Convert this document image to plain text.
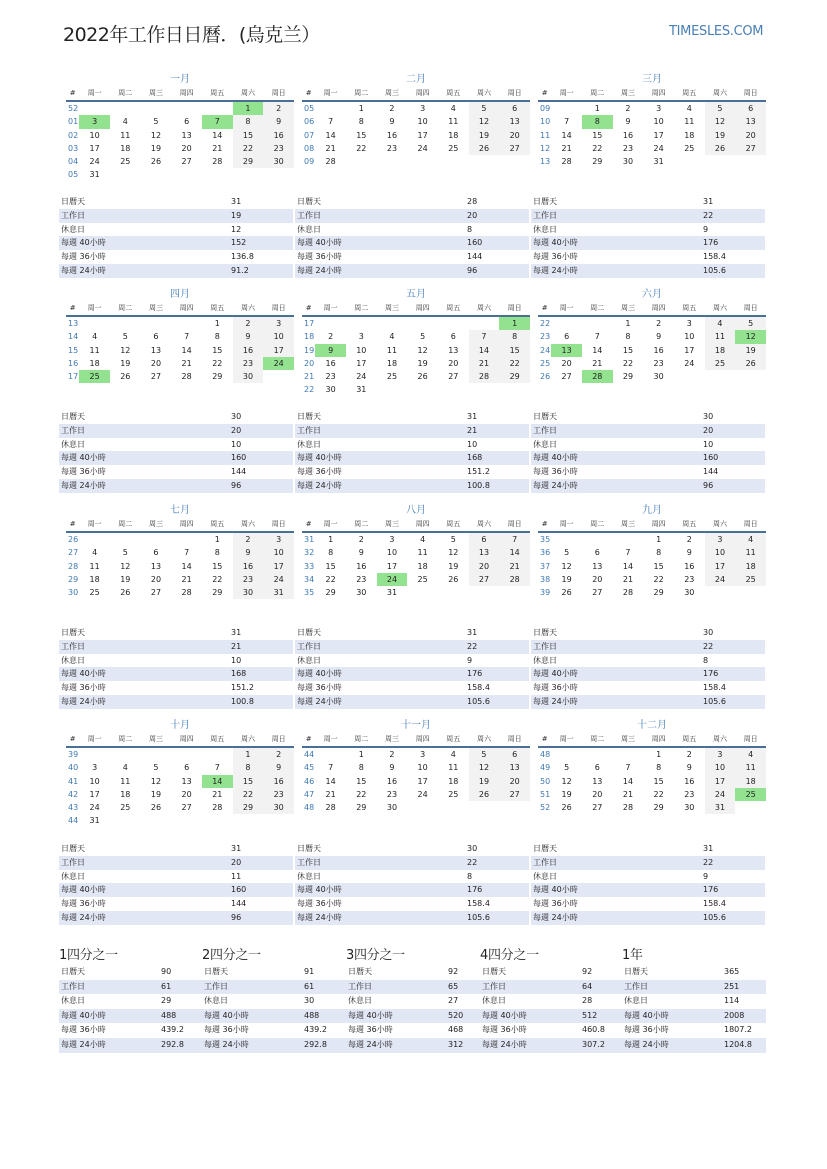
2022年工作日日曆．(烏克兰）	TIMESLES.COM
一月
#	周一	周二	周三	周四	周五	周六	周日
52						1	2
01	3	4	5	6	7	8	9
02	10	11	12	13	14	15	16
03	17	18	19	20	21	22	23
04	24	25	26	27	28	29	30
05	31						
日曆天	31
工作日	19
休息日	12
每週 40小時	152
每週 36小時	136.8
每週 24小時	91.2
二月
#	周一	周二	周三	周四	周五	周六	周日
05		1	2	3	4	5	6
06	7	8	9	10	11	12	13
07	14	15	16	17	18	19	20
08	21	22	23	24	25	26	27
09	28						
日曆天	28
工作日	20
休息日	8
每週 40小時	160
每週 36小時	144
每週 24小時	96
三月
#	周一	周二	周三	周四	周五	周六	周日
09		1	2	3	4	5	6
10	7	8	9	10	11	12	13
11	14	15	16	17	18	19	20
12	21	22	23	24	25	26	27
13	28	29	30	31			
日曆天	31
工作日	22
休息日	9
每週 40小時	176
每週 36小時	158.4
每週 24小時	105.6
四月
#	周一	周二	周三	周四	周五	周六	周日
13					1	2	3
14	4	5	6	7	8	9	10
15	11	12	13	14	15	16	17
16	18	19	20	21	22	23	24
17	25	26	27	28	29	30	
日曆天	30
工作日	20
休息日	10
每週 40小時	160
每週 36小時	144
每週 24小時	96
五月
#	周一	周二	周三	周四	周五	周六	周日
17							1
18	2	3	4	5	6	7	8
19	9	10	11	12	13	14	15
20	16	17	18	19	20	21	22
21	23	24	25	26	27	28	29
22	30	31					
日曆天	31
工作日	21
休息日	10
每週 40小時	168
每週 36小時	151.2
每週 24小時	100.8
六月
#	周一	周二	周三	周四	周五	周六	周日
22			1	2	3	4	5
23	6	7	8	9	10	11	12
24	13	14	15	16	17	18	19
25	20	21	22	23	24	25	26
26	27	28	29	30			
日曆天	30
工作日	20
休息日	10
每週 40小時	160
每週 36小時	144
每週 24小時	96
七月
#	周一	周二	周三	周四	周五	周六	周日
26					1	2	3
27	4	5	6	7	8	9	10
28	11	12	13	14	15	16	17
29	18	19	20	21	22	23	24
30	25	26	27	28	29	30	31
日曆天	31
工作日	21
休息日	10
每週 40小時	168
每週 36小時	151.2
每週 24小時	100.8
八月
#	周一	周二	周三	周四	周五	周六	周日
31	1	2	3	4	5	6	7
32	8	9	10	11	12	13	14
33	15	16	17	18	19	20	21
34	22	23	24	25	26	27	28
35	29	30	31				
日曆天	31
工作日	22
休息日	9
每週 40小時	176
每週 36小時	158.4
每週 24小時	105.6
九月
#	周一	周二	周三	周四	周五	周六	周日
35				1	2	3	4
36	5	6	7	8	9	10	11
37	12	13	14	15	16	17	18
38	19	20	21	22	23	24	25
39	26	27	28	29	30		
日曆天	30
工作日	22
休息日	8
每週 40小時	176
每週 36小時	158.4
每週 24小時	105.6
十月
#	周一	周二	周三	周四	周五	周六	周日
39						1	2
40	3	4	5	6	7	8	9
41	10	11	12	13	14	15	16
42	17	18	19	20	21	22	23
43	24	25	26	27	28	29	30
44	31						
日曆天	31
工作日	20
休息日	11
每週 40小時	160
每週 36小時	144
每週 24小時	96
十一月
#	周一	周二	周三	周四	周五	周六	周日
44		1	2	3	4	5	6
45	7	8	9	10	11	12	13
46	14	15	16	17	18	19	20
47	21	22	23	24	25	26	27
48	28	29	30				
日曆天	30
工作日	22
休息日	8
每週 40小時	176
每週 36小時	158.4
每週 24小時	105.6
十二月
#	周一	周二	周三	周四	周五	周六	周日
48				1	2	3	4
49	5	6	7	8	9	10	11
50	12	13	14	15	16	17	18
51	19	20	21	22	23	24	25
52	26	27	28	29	30	31	
日曆天	31
工作日	22
休息日	9
每週 40小時	176
每週 36小時	158.4
每週 24小時	105.6
1四分之一
日曆天	90
工作日	61
休息日	29
每週 40小時	488
每週 36小時	439.2
每週 24小時	292.8
2四分之一
日曆天	91
工作日	61
休息日	30
每週 40小時	488
每週 36小時	439.2
每週 24小時	292.8
3四分之一
日曆天	92
工作日	65
休息日	27
每週 40小時	520
每週 36小時	468
每週 24小時	312
4四分之一
日曆天	92
工作日	64
休息日	28
每週 40小時	512
每週 36小時	460.8
每週 24小時	307.2
1年
日曆天	365
工作日	251
休息日	114
每週 40小時	2008
每週 36小時	1807.2
每週 24小時	1204.8
